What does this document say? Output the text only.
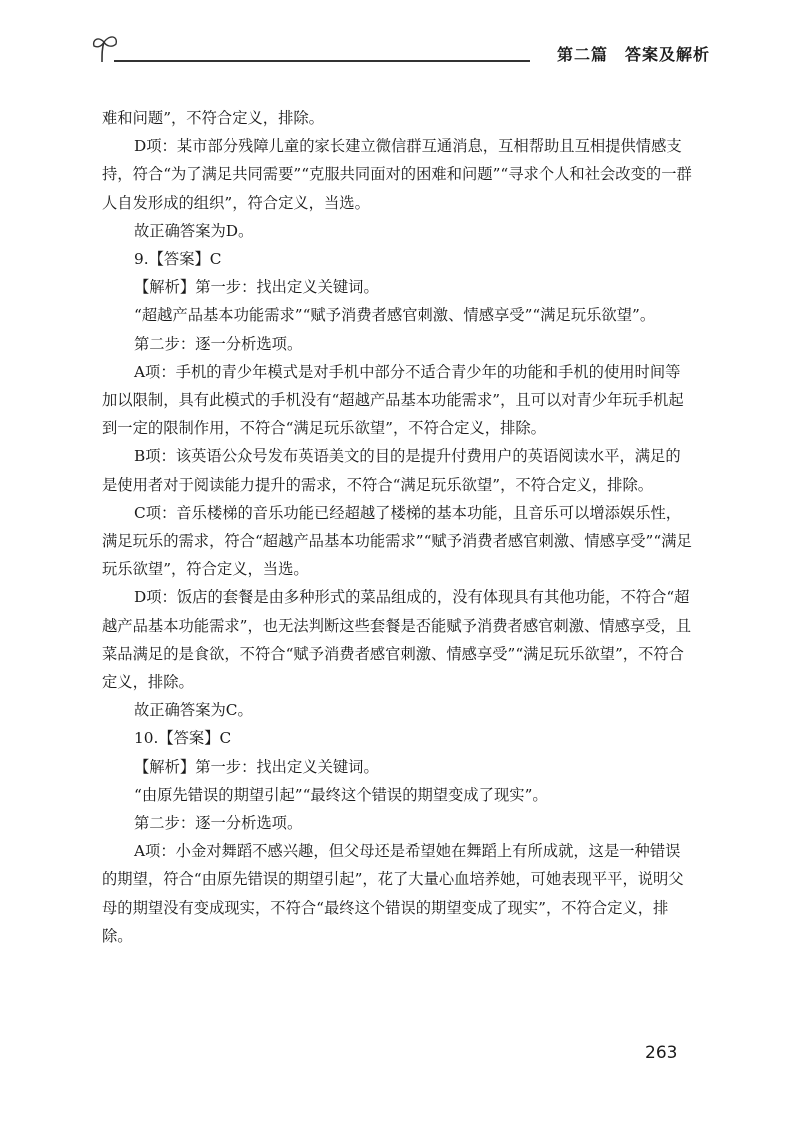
第二篇　答案及解析

难和问题”，不符合定义，排除。

D项：某市部分残障儿童的家长建立微信群互通消息，互相帮助且互相提供情感支持，符合“为了满足共同需要”“克服共同面对的困难和问题”“寻求个人和社会改变的一群人自发形成的组织”，符合定义，当选。

故正确答案为D。

9.【答案】C

【解析】第一步：找出定义关键词。

“超越产品基本功能需求”“赋予消费者感官刺激、情感享受”“满足玩乐欲望”。

第二步：逐一分析选项。

A项：手机的青少年模式是对手机中部分不适合青少年的功能和手机的使用时间等加以限制，具有此模式的手机没有“超越产品基本功能需求”，且可以对青少年玩手机起到一定的限制作用，不符合“满足玩乐欲望”，不符合定义，排除。

B项：该英语公众号发布英语美文的目的是提升付费用户的英语阅读水平，满足的是使用者对于阅读能力提升的需求，不符合“满足玩乐欲望”，不符合定义，排除。

C项：音乐楼梯的音乐功能已经超越了楼梯的基本功能，且音乐可以增添娱乐性，满足玩乐的需求，符合“超越产品基本功能需求”“赋予消费者感官刺激、情感享受”“满足玩乐欲望”，符合定义，当选。

D项：饭店的套餐是由多种形式的菜品组成的，没有体现具有其他功能，不符合“超越产品基本功能需求”，也无法判断这些套餐是否能赋予消费者感官刺激、情感享受，且菜品满足的是食欲，不符合“赋予消费者感官刺激、情感享受”“满足玩乐欲望”，不符合定义，排除。

故正确答案为C。

10.【答案】C

【解析】第一步：找出定义关键词。

“由原先错误的期望引起”“最终这个错误的期望变成了现实”。

第二步：逐一分析选项。

A项：小金对舞蹈不感兴趣，但父母还是希望她在舞蹈上有所成就，这是一种错误的期望，符合“由原先错误的期望引起”，花了大量心血培养她，可她表现平平，说明父母的期望没有变成现实，不符合“最终这个错误的期望变成了现实”，不符合定义，排除。

263
